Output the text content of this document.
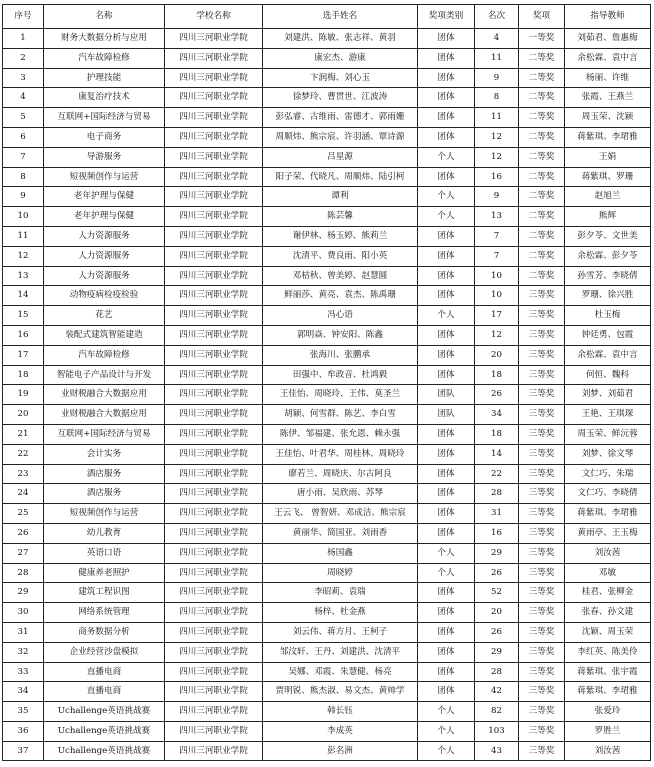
序号	名称	学校名称	选手姓名	奖项类别	名次	奖项	指导教师
1	财务大数据分析与应用	四川三河职业学院	刘建洪、陈敏、张志祥、黄羽	团体	4	一等奖	刘茹君、詹惠梅
2	汽车故障检修	四川三河职业学院	康宏杰、游康	团体	11	二等奖	余松霖、袁中言
3	护理技能	四川三河职业学院	卞润梅、刘心玉	团体	9	二等奖	杨丽、许维
4	康复治疗技术	四川三河职业学院	徐梦玲、曹贯世、江波涛	团体	8	二等奖	张霞、王燕兰
5	互联网+国际经济与贸易	四川三河职业学院	彭弘睿、古维雨、雷德才、郭雨姗	团体	11	二等奖	周玉荣、沈颖
6	电子商务	四川三河职业学院	周顺炜、熊宗宸、许羽涵、覃诗源	团体	12	二等奖	蒋紫琪、李珺雅
7	导游服务	四川三河职业学院	吕星源	个人	12	二等奖	王娟
8	短视频创作与运营	四川三河职业学院	阳子荣、代晓凡、周顺炜、陆引柯	团体	16	二等奖	蒋紫琪、罗珊
9	老年护理与保健	四川三河职业学院	谭利	个人	9	二等奖	赵旭兰
10	老年护理与保健	四川三河职业学院	陈芸馨	个人	13	二等奖	熊辉
11	人力资源服务	四川三河职业学院	谢伊林、杨玉婷、熊莉兰	团体	7	二等奖	彭夕苓、文世美
12	人力资源服务	四川三河职业学院	沈清平、费良雨、阳小英	团体	7	二等奖	余松霖、彭夕苓
13	人力资源服务	四川三河职业学院	邓桔秋、曾美婷、赵慧圆	团体	10	二等奖	孙雪芳、李晓倩
14	动物疫病检疫检验	四川三河职业学院	鲜丽莎、黄亮、袁杰、陈禹珊	团体	10	三等奖	罗珊、徐兴胜
15	花艺	四川三河职业学院	冯心语	个人	17	三等奖	杜玉梅
16	装配式建筑智能建造	四川三河职业学院	郭明焱、钟安阳、陈鑫	团体	12	三等奖	钟廷勇、包霞
17	汽车故障检修	四川三河职业学院	张海川、张鹏承	团体	20	三等奖	余松霖、袁中言
18	智能电子产品设计与开发	四川三河职业学院	田强中、牟政音、杜鸿毅	团体	18	三等奖	何恒、魏科
19	业财税融合大数据应用	四川三河职业学院	王佳怡、周晓玲、王伟、莫圣兰	团队	26	三等奖	刘梦、刘茹君
20	业财税融合大数据应用	四川三河职业学院	胡颖、何雪群、陈艺、李白雪	团队	34	三等奖	王艳、王琪琛
21	互联网+国际经济与贸易	四川三河职业学院	陈伊、邹福建、张允恩、赖永强	团体	18	三等奖	周玉荣、鲜沅蓉
22	会计实务	四川三河职业学院	王佳怡、叶君华、周桂林、周晓玲	团体	14	三等奖	刘梦、徐文琴
23	酒店服务	四川三河职业学院	廖若兰、周晓庆、尔古阿良	团体	22	三等奖	文仁巧、朱瑞
24	酒店服务	四川三河职业学院	唐小雨、吴欣雨、苏琴	团体	28	三等奖	文仁巧、李晓倩
25	短视频创作与运营	四川三河职业学院	王云飞、 曾智妍、邓成洁、熊宗宸	团体	31	三等奖	蒋紫琪、李珺雅
26	幼儿教育	四川三河职业学院	黄丽华、简国亚、刘雨香	团体	16	三等奖	黄雨亭、王玉梅
27	英语口语	四川三河职业学院	杨国鑫	个人	29	三等奖	刘汝茜
28	健康养老照护	四川三河职业学院	周晓婷	个人	26	三等奖	邓敏
29	建筑工程识图	四川三河职业学院	李昭莉、袁瑞	团体	52	三等奖	桂君、张柳金
30	网络系统管理	四川三河职业学院	杨梓、杜金燕	团体	20	三等奖	张春、孙文建
31	商务数据分析	四川三河职业学院	刘云伟、蒋方月、王柯子	团体	26	三等奖	沈颖、周玉荣
32	企业经营沙盘模拟	四川三河职业学院	邹汶轩、王丹、刘建洪、沈清平	团体	29	三等奖	李红英、陈美伶
33	直播电商	四川三河职业学院	吴娜、邓霞、朱慧健、杨亮	团体	28	三等奖	蒋紫琪、张宇霞
34	直播电商	四川三河职业学院	贾明锐、熊杰淑、易文杰、黄帅学	团体	42	三等奖	蒋紫琪、李珺雅
35	Uchallenge英语挑战赛	四川三河职业学院	韩长钰	个人	82	三等奖	张爱玲
36	Uchallenge英语挑战赛	四川三河职业学院	李成英	个人	103	三等奖	罗胜兰
37	Uchallenge英语挑战赛	四川三河职业学院	彭名洲	个人	43	三等奖	刘汝茜
